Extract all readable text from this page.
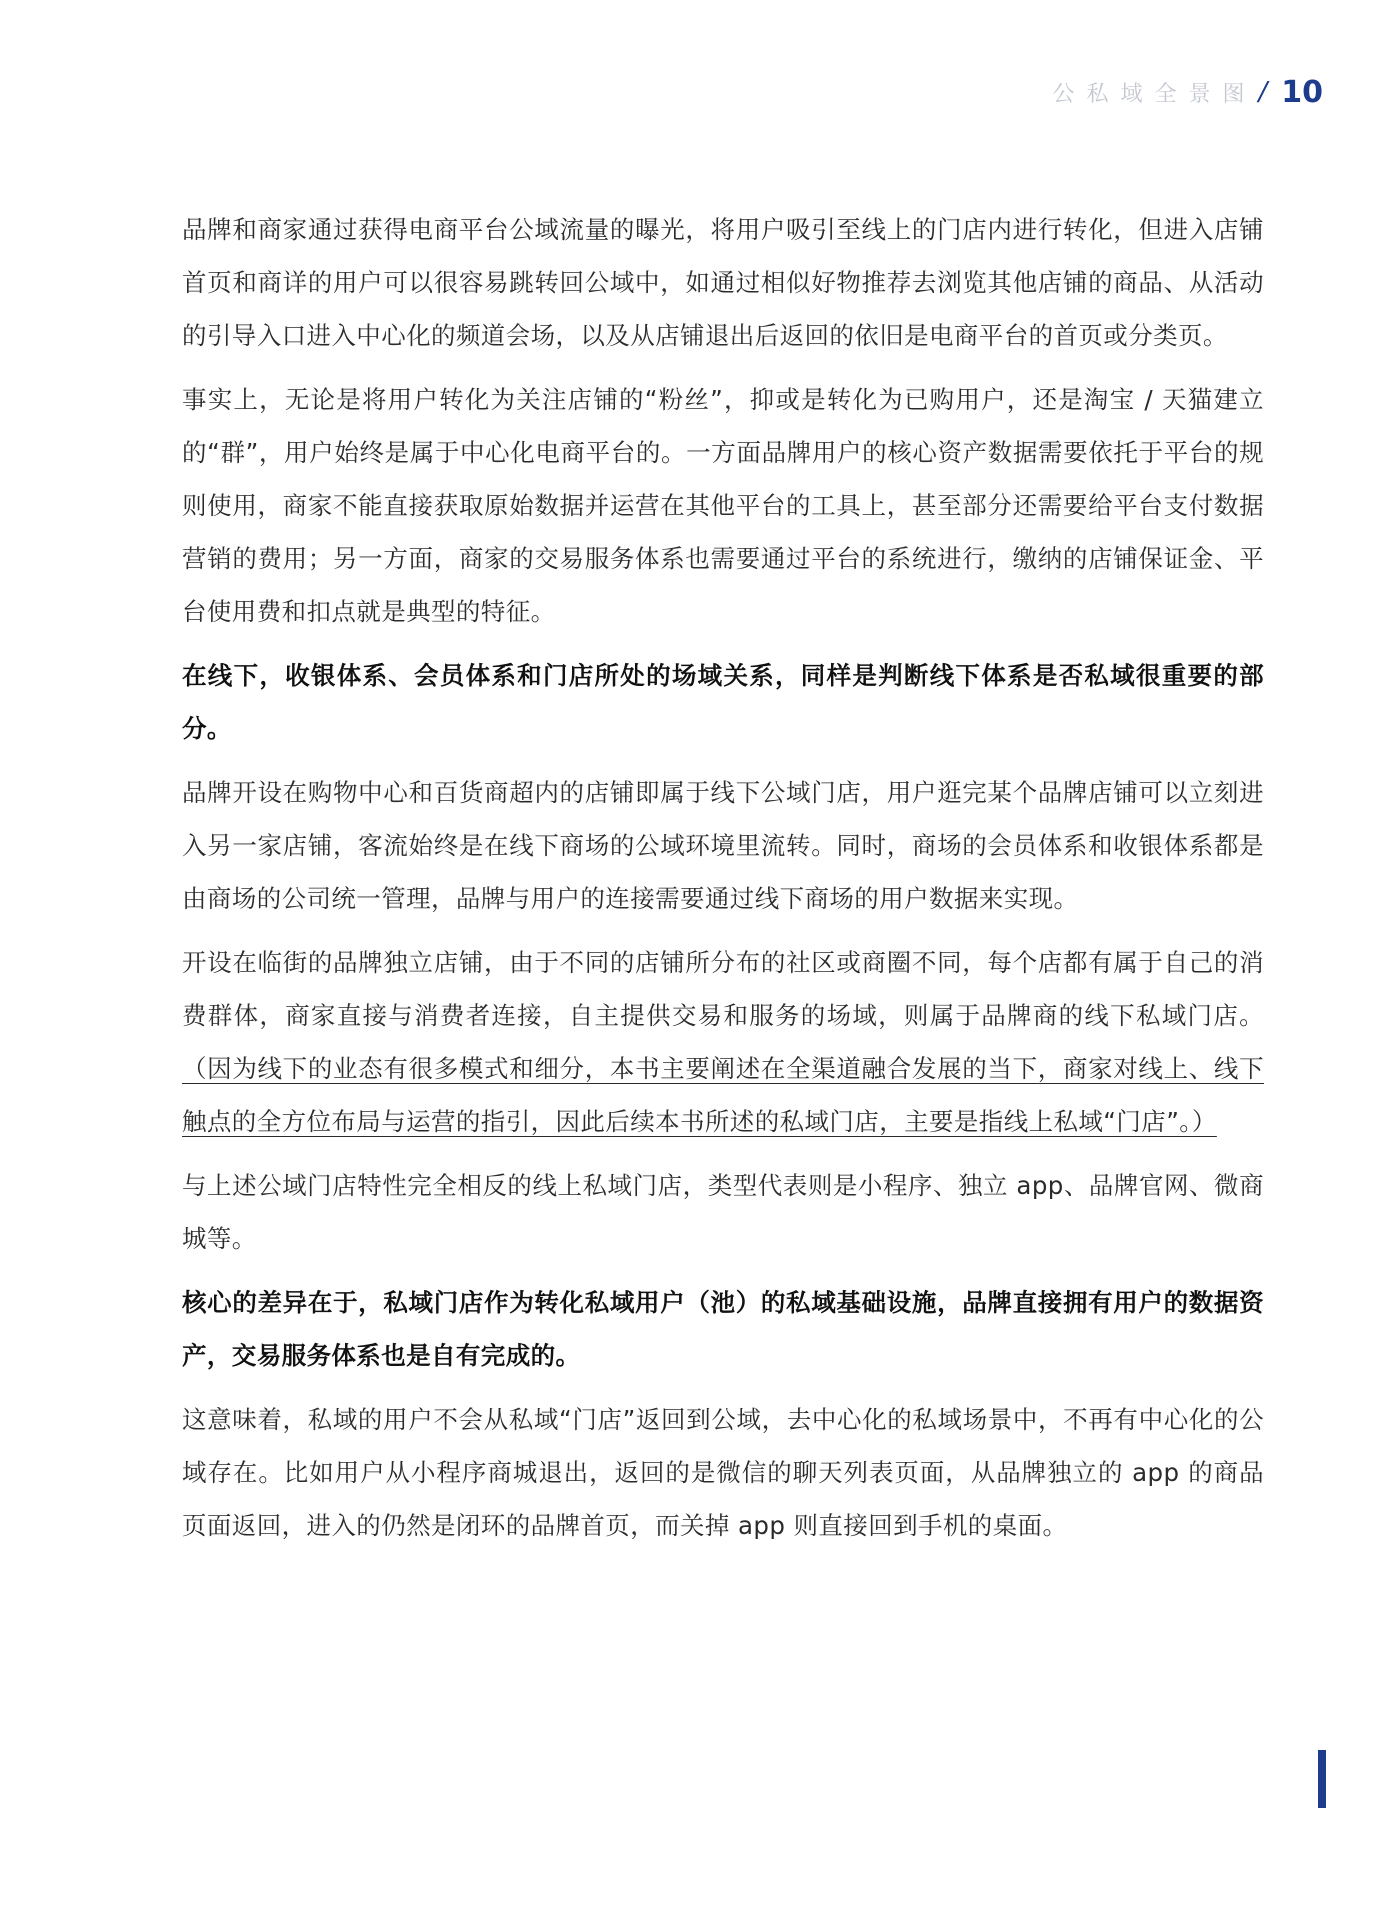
公私域全景图 / 10

品牌和商家通过获得电商平台公域流量的曝光，将用户吸引至线上的门店内进行转化，但进入店铺首页和商详的用户可以很容易跳转回公域中，如通过相似好物推荐去浏览其他店铺的商品、从活动的引导入口进入中心化的频道会场，以及从店铺退出后返回的依旧是电商平台的首页或分类页。

事实上，无论是将用户转化为关注店铺的“粉丝”，抑或是转化为已购用户，还是淘宝 / 天猫建立的“群”，用户始终是属于中心化电商平台的。一方面品牌用户的核心资产数据需要依托于平台的规则使用，商家不能直接获取原始数据并运营在其他平台的工具上，甚至部分还需要给平台支付数据营销的费用；另一方面，商家的交易服务体系也需要通过平台的系统进行，缴纳的店铺保证金、平台使用费和扣点就是典型的特征。

在线下，收银体系、会员体系和门店所处的场域关系，同样是判断线下体系是否私域很重要的部分。

品牌开设在购物中心和百货商超内的店铺即属于线下公域门店，用户逛完某个品牌店铺可以立刻进入另一家店铺，客流始终是在线下商场的公域环境里流转。同时，商场的会员体系和收银体系都是由商场的公司统一管理，品牌与用户的连接需要通过线下商场的用户数据来实现。

开设在临街的品牌独立店铺，由于不同的店铺所分布的社区或商圈不同，每个店都有属于自己的消费群体，商家直接与消费者连接，自主提供交易和服务的场域，则属于品牌商的线下私域门店。（因为线下的业态有很多模式和细分，本书主要阐述在全渠道融合发展的当下，商家对线上、线下触点的全方位布局与运营的指引，因此后续本书所述的私域门店，主要是指线上私域“门店”。）

与上述公域门店特性完全相反的线上私域门店，类型代表则是小程序、独立 app、品牌官网、微商城等。

核心的差异在于，私域门店作为转化私域用户（池）的私域基础设施，品牌直接拥有用户的数据资产，交易服务体系也是自有完成的。

这意味着，私域的用户不会从私域“门店”返回到公域，去中心化的私域场景中，不再有中心化的公域存在。比如用户从小程序商城退出，返回的是微信的聊天列表页面，从品牌独立的 app 的商品页面返回，进入的仍然是闭环的品牌首页，而关掉 app 则直接回到手机的桌面。
